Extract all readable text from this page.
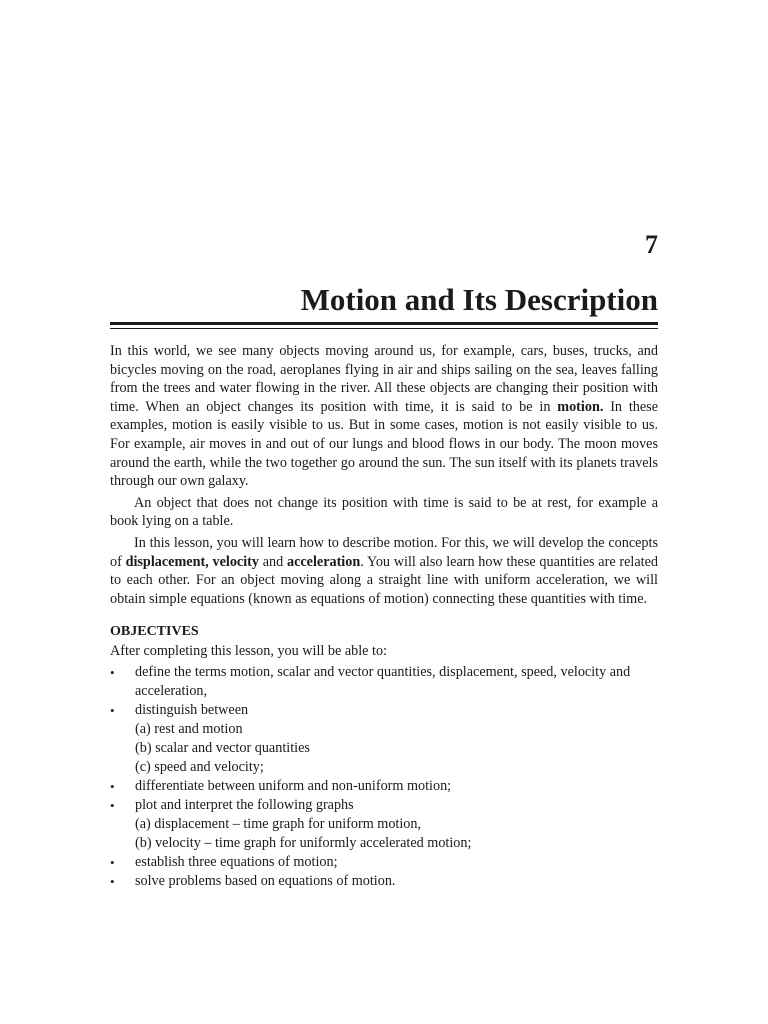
7
Motion and Its Description

In this world, we see many objects moving around us, for example, cars, buses, trucks, and bicycles moving on the road, aeroplanes flying in air and ships sailing on the sea, leaves falling from the trees and water flowing in the river. All these objects are changing their position with time. When an object changes its position with time, it is said to be in motion. In these examples, motion is easily visible to us. But in some cases, motion is not easily visible to us. For example, air moves in and out of our lungs and blood flows in our body. The moon moves around the earth, while the two together go around the sun. The sun itself with its planets travels through our own galaxy.

An object that does not change its position with time is said to be at rest, for example a book lying on a table.

In this lesson, you will learn how to describe motion. For this, we will develop the concepts of displacement, velocity and acceleration. You will also learn how these quantities are related to each other. For an object moving along a straight line with uniform acceleration, we will obtain simple equations (known as equations of motion) connecting these quantities with time.

OBJECTIVES
After completing this lesson, you will be able to:
•	define the terms motion, scalar and vector quantities, displacement, speed, velocity and acceleration,
•	distinguish between
(a) rest and motion
(b) scalar and vector quantities
(c) speed and velocity;
•	differentiate between uniform and non-uniform motion;
•	plot and interpret the following graphs
(a) displacement – time graph for uniform motion,
(b) velocity – time graph for uniformly accelerated motion;
•	establish three equations of motion;
•	solve problems based on equations of motion.
